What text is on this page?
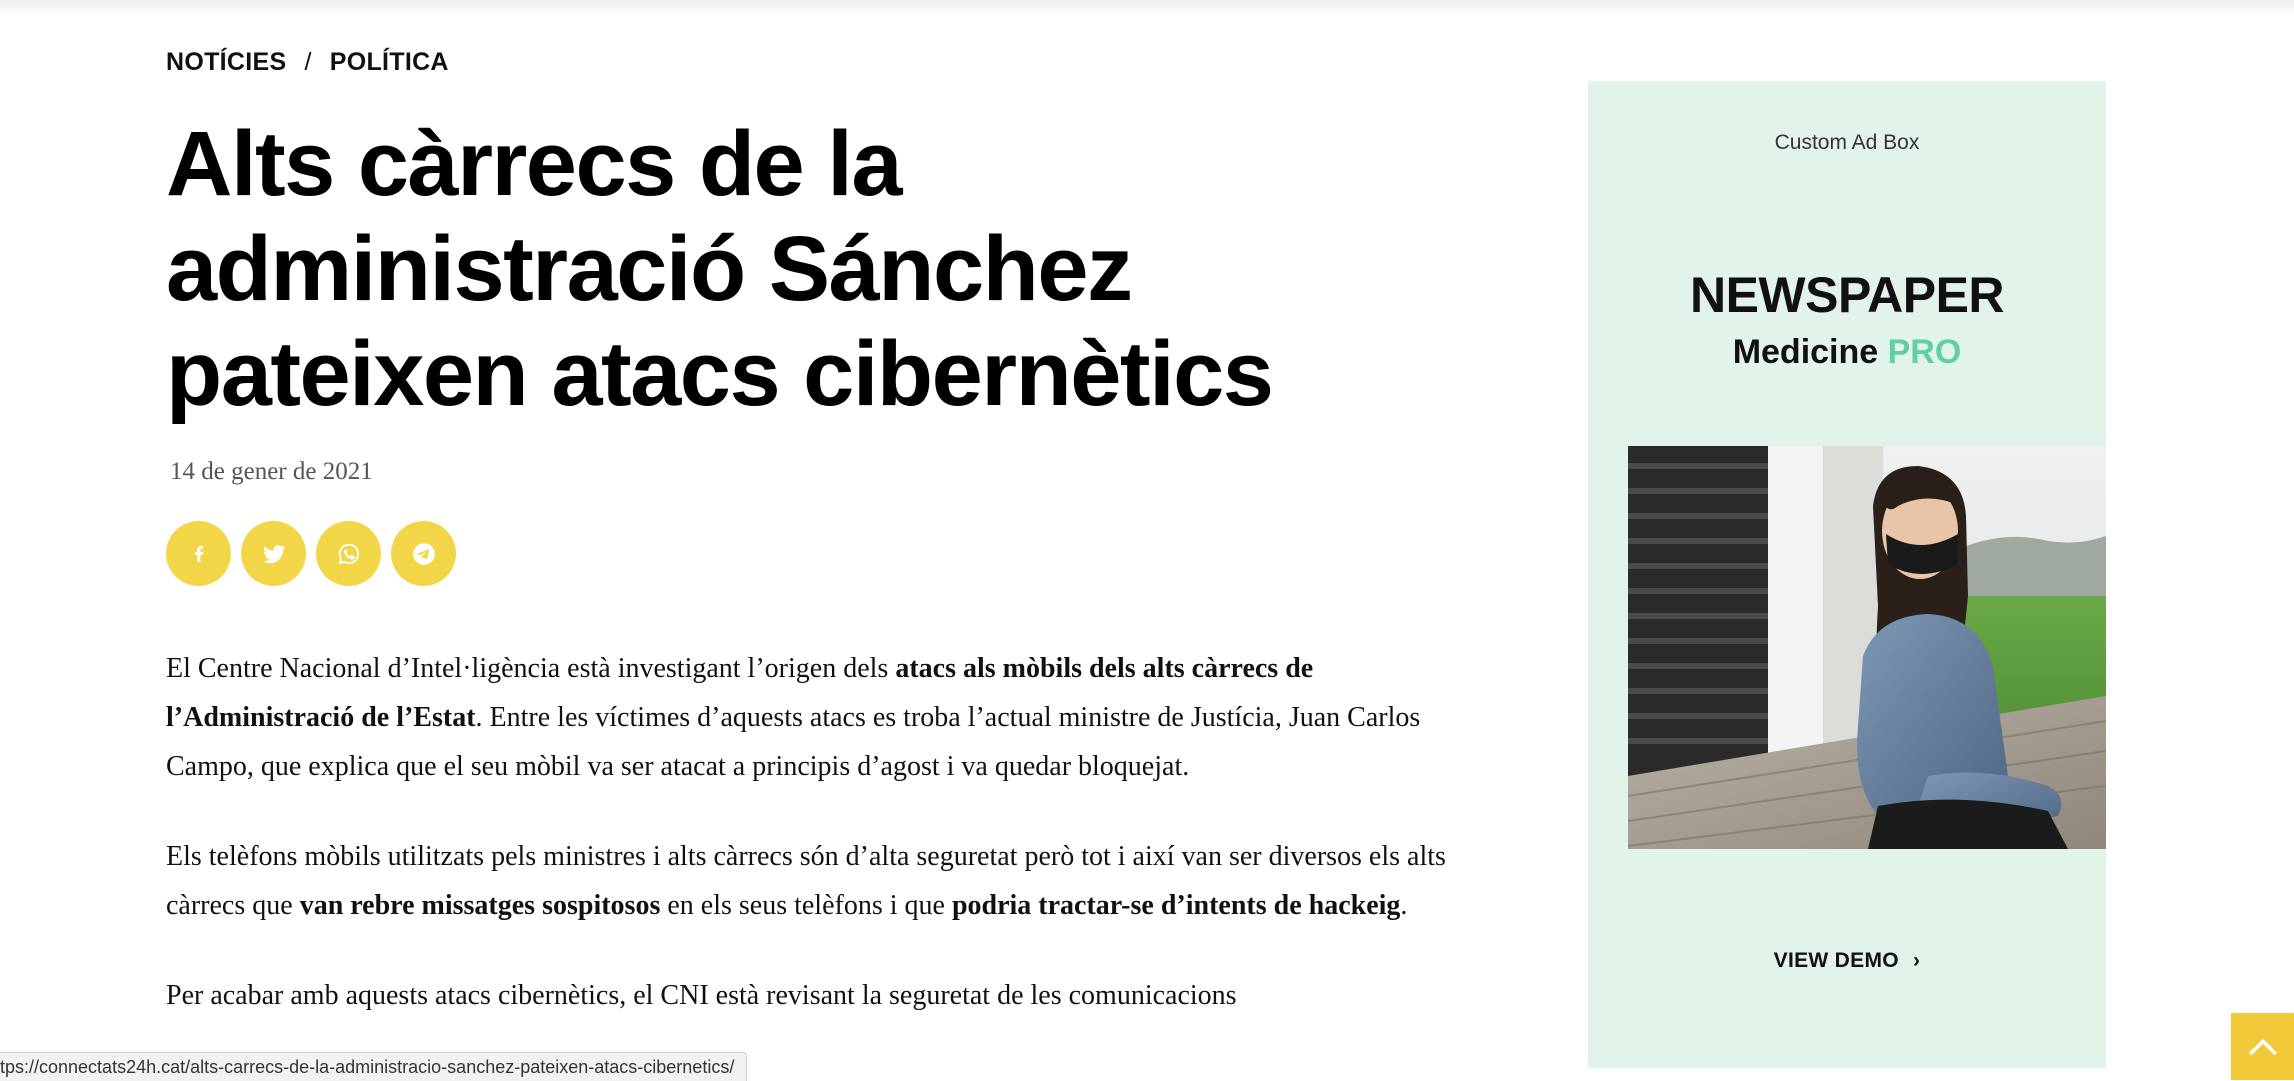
NOTÍCIES / POLÍTICA
Alts càrrecs de la administració Sánchez pateixen atacs cibernètics
14 de gener de 2021

El Centre Nacional d’Intel·ligència està investigant l’origen dels atacs als mòbils dels alts càrrecs de l’Administració de l’Estat. Entre les víctimes d’aquests atacs es troba l’actual ministre de Justícia, Juan Carlos Campo, que explica que el seu mòbil va ser atacat a principis d’agost i va quedar bloquejat.

Els telèfons mòbils utilitzats pels ministres i alts càrrecs són d’alta seguretat però tot i així van ser diversos els alts càrrecs que van rebre missatges sospitosos en els seus telèfons i que podria tractar-se d’intents de hackeig.

Per acabar amb aquests atacs cibernètics, el CNI està revisant la seguretat de les comunicacions

Custom Ad Box
NEWSPAPER
Medicine PRO
VIEW DEMO ›
tps://connectats24h.cat/alts-carrecs-de-la-administracio-sanchez-pateixen-atacs-cibernetics/
